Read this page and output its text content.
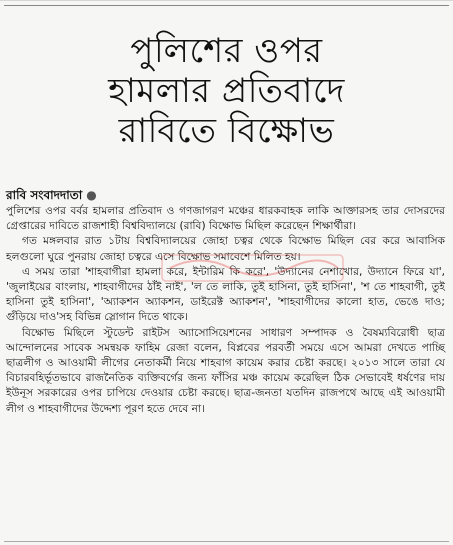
পুলিশের ওপর
হামলার প্রতিবাদে
রাবিতে বিক্ষোভ
রাবি সংবাদদাতা ●

পুলিশের ওপর বর্বর হামলার প্রতিবাদ ও গণজাগরণ মঞ্চের ধারকবাহক লাকি আক্তারসহ তার দোসরদের গ্রেপ্তারের দাবিতে রাজশাহী বিশ্ববিদ্যালয়ে (রাবি) বিক্ষোভ মিছিল করেছেন শিক্ষার্থীরা।

গত মঙ্গলবার রাত ১টায় বিশ্ববিদ্যালয়ের জোহা চত্বর থেকে বিক্ষোভ মিছিল বের করে আবাসিক হলগুলো ঘুরে পুনরায় জোহা চত্বরে এসে বিক্ষোভ সমাবেশে মিলিত হয়।

এ সময় তারা 'শাহবাগীরা হামলা করে, ইন্টারিম কি করে', 'উদ্যানের নেশাখোর, উদ্যানে ফিরে যা', 'জুলাইয়ের বাংলায়, শাহবাগীদের ঠাঁই নাই', 'ল তে লাকি, তুই হাসিনা, তুই হাসিনা', 'শ তে শাহবাগী, তুই হাসিনা তুই হাসিনা', 'অ্যাকশন অ্যাকশন, ডাইরেক্ট অ্যাকশন', 'শাহবাগীদের কালো হাত, ভেঙে দাও; গুঁড়িয়ে দাও'সহ বিভিন্ন স্লোগান দিতে থাকে।

বিক্ষোভ মিছিলে স্টুডেন্ট রাইটস অ্যাসোসিয়েশনের সাধারণ সম্পাদক ও বৈষম্যবিরোধী ছাত্র আন্দোলনের সাবেক সমন্বয়ক ফাহিম রেজা বলেন, বিপ্লবের পরবর্তী সময়ে এসে আমরা দেখতে পাচ্ছি ছাত্রলীগ ও আওয়ামী লীগের নেতাকর্মী নিয়ে শাহবাগ কায়েম করার চেষ্টা করছে। ২০১৩ সালে তারা যে বিচারবহির্ভূতভাবে রাজনৈতিক ব্যক্তিবর্গের জন্য ফাঁসির মঞ্চ কায়েম করেছিল ঠিক সেভাবেই ধর্ষণের দায় ইউনূস সরকারের ওপর চাপিয়ে দেওয়ার চেষ্টা করছে। ছাত্র-জনতা যতদিন রাজপথে আছে এই আওয়ামী লীগ ও শাহবাগীদের উদ্দেশ্য পূরণ হতে দেবে না।
